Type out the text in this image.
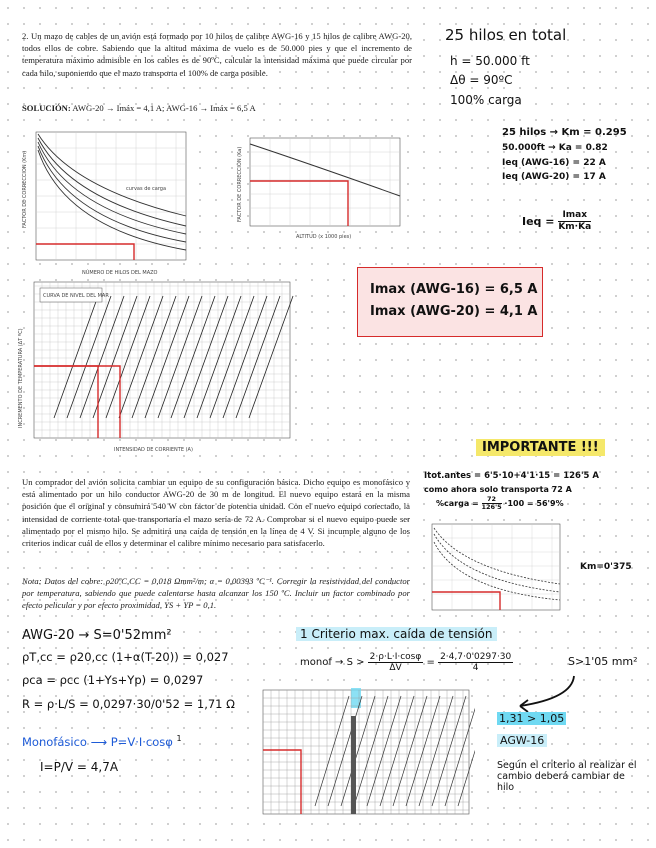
2. Un mazo de cables de un avión está formado por 10 hilos de calibre AWG-16 y 15 hilos de calibre AWG-20, todos ellos de cobre. Sabiendo que la altitud máxima de vuelo es de 50.000 pies y que el incremento de temperatura máximo admisible en los cables es de 90ºC, calcular la intensidad máxima que puede circular por cada hilo, suponiendo que el mazo transporta el 100% de carga posible.
SOLUCIÓN: AWG-20 → Imáx = 4,1 A; AWG-16 → Imáx = 6,5 A
25 hilos en total
h = 50.000 ft
Δθ = 90ºC
100% carga
25 hilos → Km = 0.295
50.000ft → Ka = 0.82
Ieq (AWG-16) = 22 A
Ieq (AWG-20) = 17 A
Ieq = Imax
Km·Ka
Imax (AWG-16) = 6,5 A
Imax (AWG-20) = 4,1 A
curvas de carga
FACTOR DE CORRECCIÓN (Km)
NÚMERO DE HILOS DEL MAZO
FACTOR DE CORRECCIÓN (Ka)
ALTITUD (x 1000 pies)
CURVA DE NIVEL DEL MAR
INCREMENTO DE TEMPERATURA (ΔT ºC)
INTENSIDAD DE CORRIENTE (A)	IMPORTANTE !!!
Un comprador del avión solicita cambiar un equipo de su configuración básica. Dicho equipo es monofásico y está alimentado por un hilo conductor AWG-20 de 30 m de longitud. El nuevo equipo estará en la misma posición que el original y consumirá 540 W con factor de potencia unidad. Con el nuevo equipo conectado, la intensidad de corriente total que transportaría el mazo sería de 72 A. Comprobar si el nuevo equipo puede ser alimentado por el mismo hilo. Se admitirá una caída de tensión en la línea de 4 V. Si incumple alguno de los criterios indicar cuál de ellos y determinar el calibre mínimo necesario para satisfacerlo.
Nota: Datos del cobre: ρ20ºC,CC = 0,018 Ωmm²/m; α = 0,00393 ºC⁻¹. Corregir la resistividad del conductor por temperatura, sabiendo que puede calentarse hasta alcanzar los 150 ºC. Incluir un factor combinado por efecto pelicular y por efecto proximidad, YS + YP = 0,1.
Itot.antes = 6'5·10+4'1·15 = 126'5 A
como ahora solo transporta 72 A
%carga = $\frac{72}{126'5} \cdot 100 = 56'9\%$
Km=0'375
AWG-20 → S=0'52mm²
ρT,cc = ρ20,cc (1+α(T-20)) = 0,027
ρca = ρcc (1+Ys+Yp) = 0,0297
R = ρ·L/S = 0,0297·30/0'52 = 1,71 Ω
Monofásico ⟶ P=V·I·cosφ $^1$
I=P/V = 4,7A
1 Criterio max. caída de tensión
monof → $S > \frac{2\cdot\rho\cdot L\cdot I\cdot\cos\varphi}{\Delta V} = \frac{2\cdot 4,7\cdot 0'0297\cdot 30}{4}$	S>1'05 mm²
1,31 > 1,05
AGW-16
Según el criterio al realizar el cambio deberá cambiar de hilo
